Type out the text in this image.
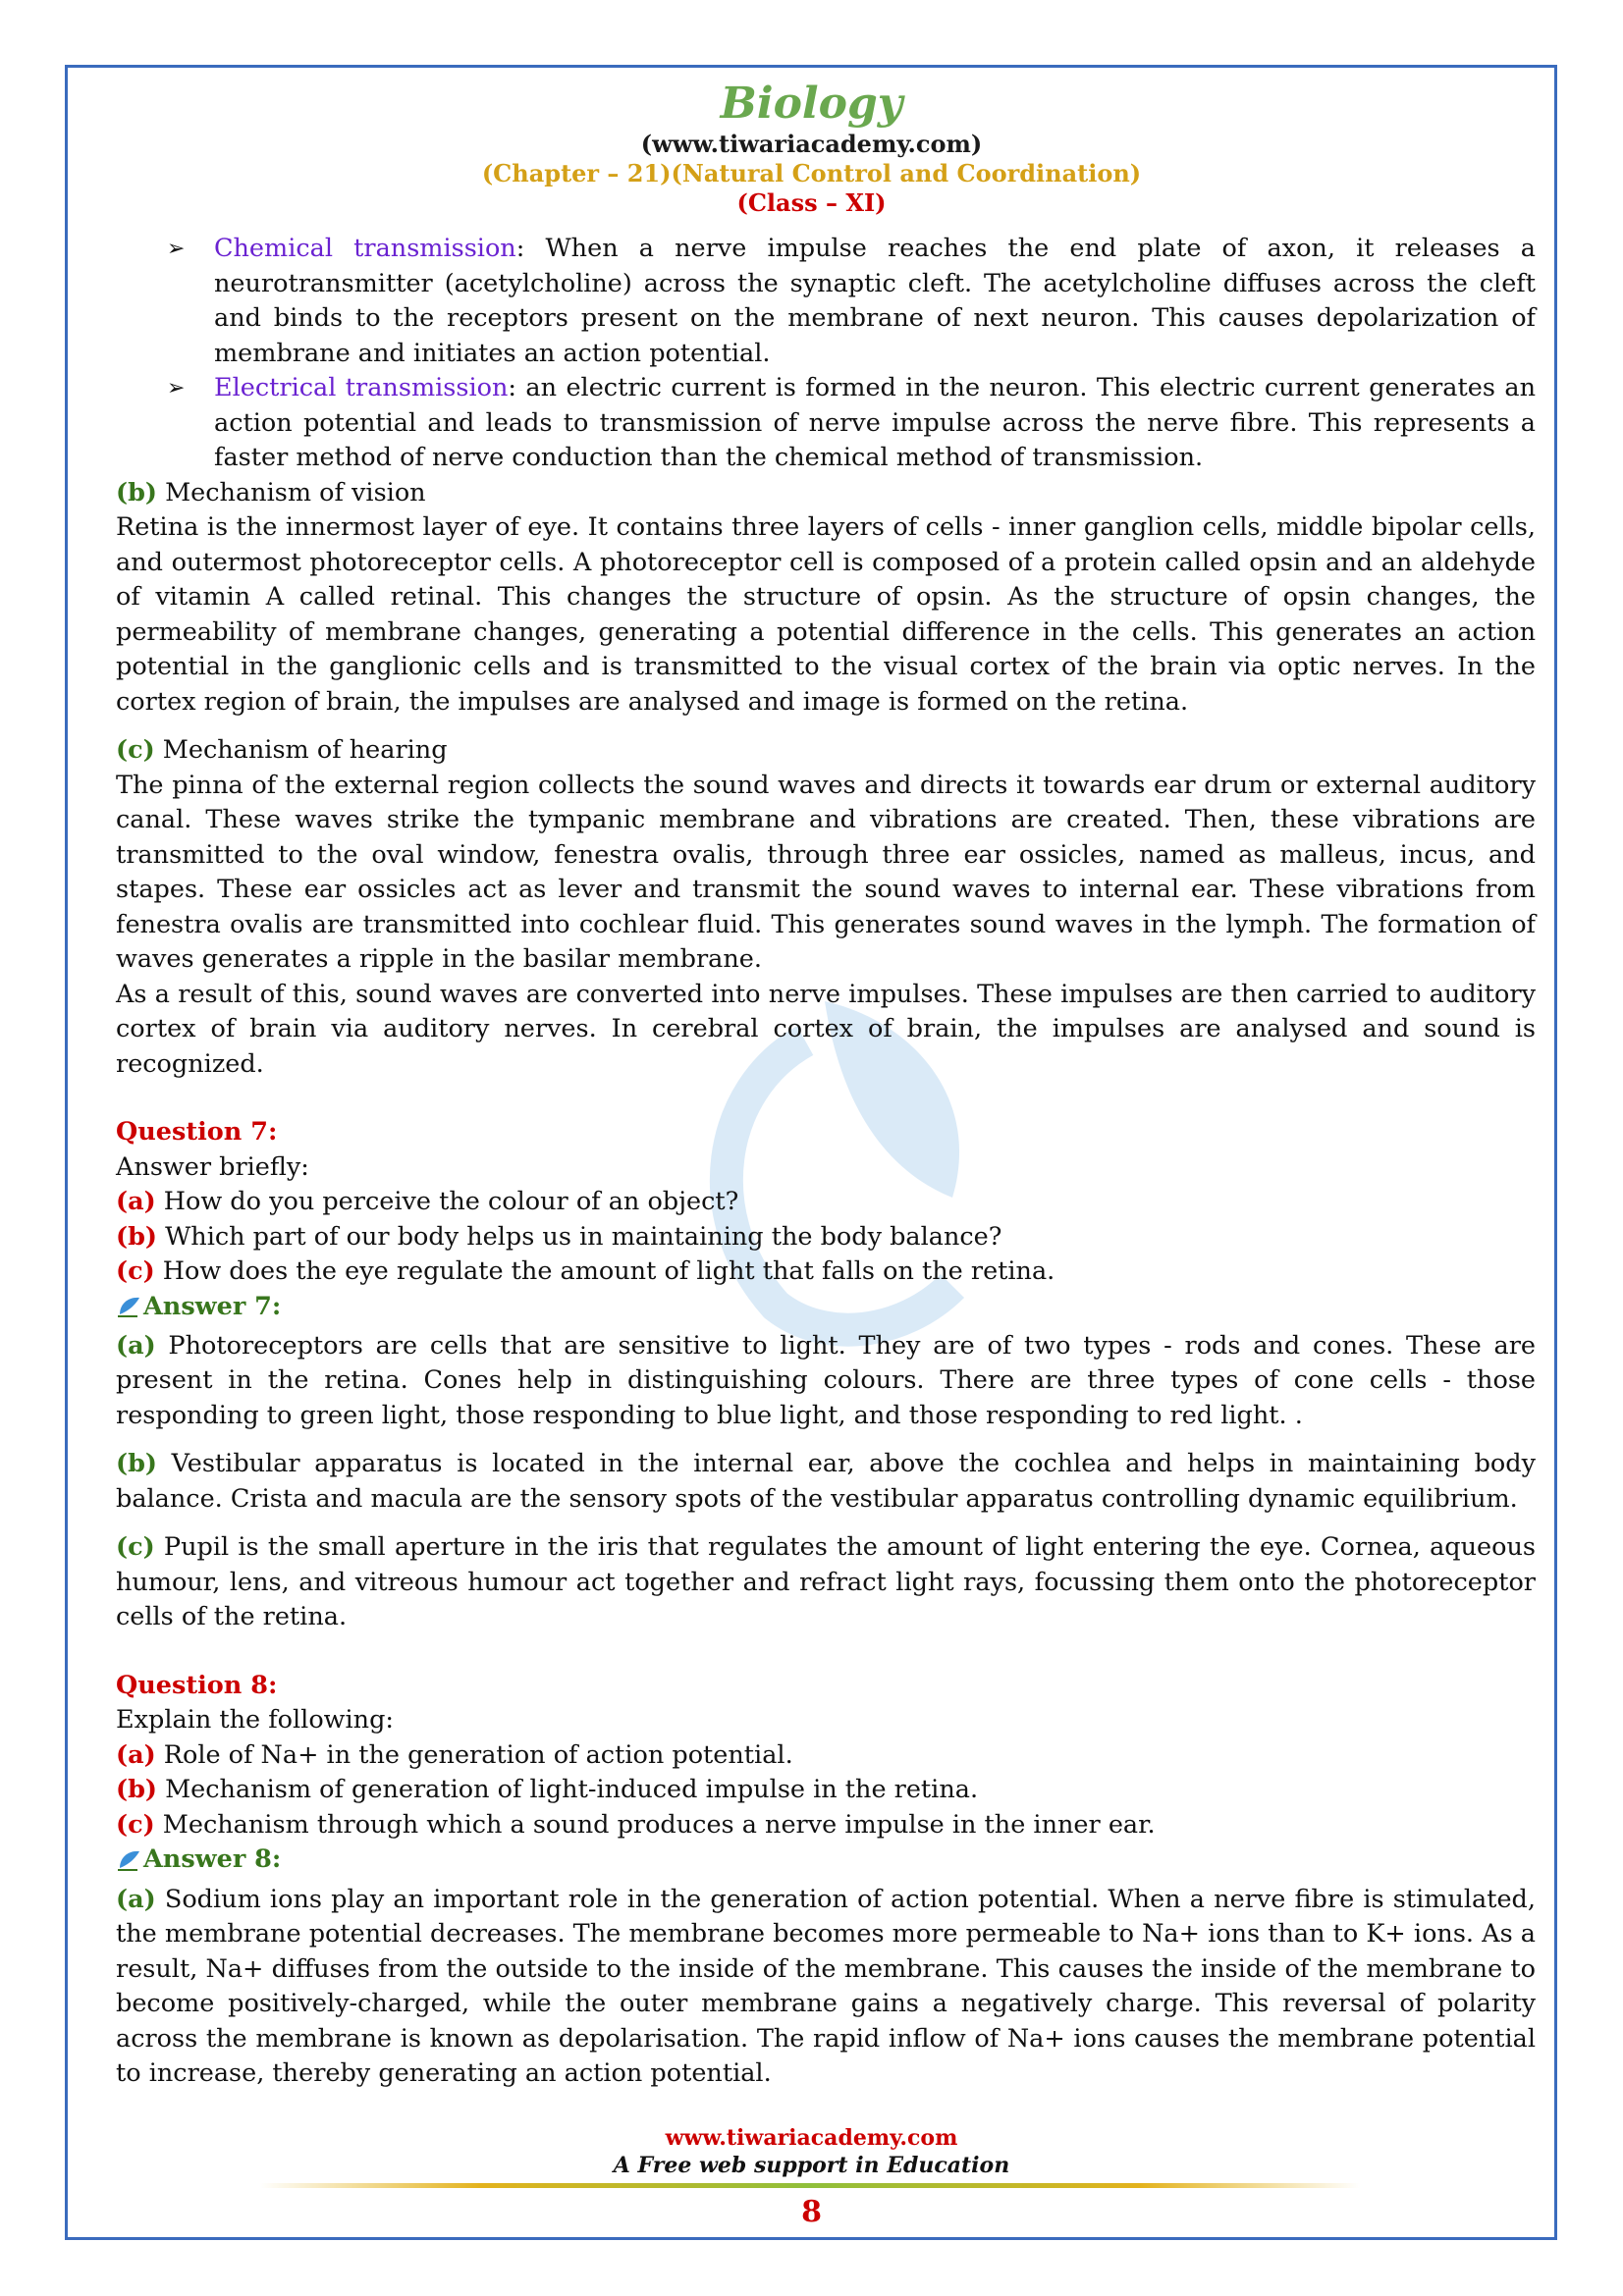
Biology
(www.tiwariacademy.com)
(Chapter – 21)(Natural Control and Coordination)
(Class – XI)
➢ Chemical transmission: When a nerve impulse reaches the end plate of axon, it releases a neurotransmitter (acetylcholine) across the synaptic cleft. The acetylcholine diffuses across the cleft and binds to the receptors present on the membrane of next neuron. This causes depolarization of membrane and initiates an action potential.
➢ Electrical transmission: an electric current is formed in the neuron. This electric current generates an action potential and leads to transmission of nerve impulse across the nerve fibre. This represents a faster method of nerve conduction than the chemical method of transmission.

(b) Mechanism of vision

Retina is the innermost layer of eye. It contains three layers of cells - inner ganglion cells, middle bipolar cells, and outermost photoreceptor cells. A photoreceptor cell is composed of a protein called opsin and an aldehyde of vitamin A called retinal. This changes the structure of opsin. As the structure of opsin changes, the permeability of membrane changes, generating a potential difference in the cells. This generates an action potential in the ganglionic cells and is transmitted to the visual cortex of the brain via optic nerves. In the cortex region of brain, the impulses are analysed and image is formed on the retina.

(c) Mechanism of hearing

The pinna of the external region collects the sound waves and directs it towards ear drum or external auditory canal. These waves strike the tympanic membrane and vibrations are created. Then, these vibrations are transmitted to the oval window, fenestra ovalis, through three ear ossicles, named as malleus, incus, and stapes. These ear ossicles act as lever and transmit the sound waves to internal ear. These vibrations from fenestra ovalis are transmitted into cochlear fluid. This generates sound waves in the lymph. The formation of waves generates a ripple in the basilar membrane.

As a result of this, sound waves are converted into nerve impulses. These impulses are then carried to auditory cortex of brain via auditory nerves. In cerebral cortex of brain, the impulses are analysed and sound is recognized.

Question 7:

Answer briefly:

(a) How do you perceive the colour of an object?

(b) Which part of our body helps us in maintaining the body balance?

(c) How does the eye regulate the amount of light that falls on the retina.

Answer 7:

(a) Photoreceptors are cells that are sensitive to light. They are of two types - rods and cones. These are present in the retina. Cones help in distinguishing colours. There are three types of cone cells - those responding to green light, those responding to blue light, and those responding to red light. .

(b) Vestibular apparatus is located in the internal ear, above the cochlea and helps in maintaining body balance. Crista and macula are the sensory spots of the vestibular apparatus controlling dynamic equilibrium.

(c) Pupil is the small aperture in the iris that regulates the amount of light entering the eye. Cornea, aqueous humour, lens, and vitreous humour act together and refract light rays, focussing them onto the photoreceptor cells of the retina.

Question 8:

Explain the following:

(a) Role of Na+ in the generation of action potential.

(b) Mechanism of generation of light-induced impulse in the retina.

(c) Mechanism through which a sound produces a nerve impulse in the inner ear.

Answer 8:

(a) Sodium ions play an important role in the generation of action potential. When a nerve fibre is stimulated, the membrane potential decreases. The membrane becomes more permeable to Na+ ions than to K+ ions. As a result, Na+ diffuses from the outside to the inside of the membrane. This causes the inside of the membrane to become positively-charged, while the outer membrane gains a negatively charge. This reversal of polarity across the membrane is known as depolarisation. The rapid inflow of Na+ ions causes the membrane potential to increase, thereby generating an action potential.

www.tiwariacademy.com
A Free web support in Education
8
